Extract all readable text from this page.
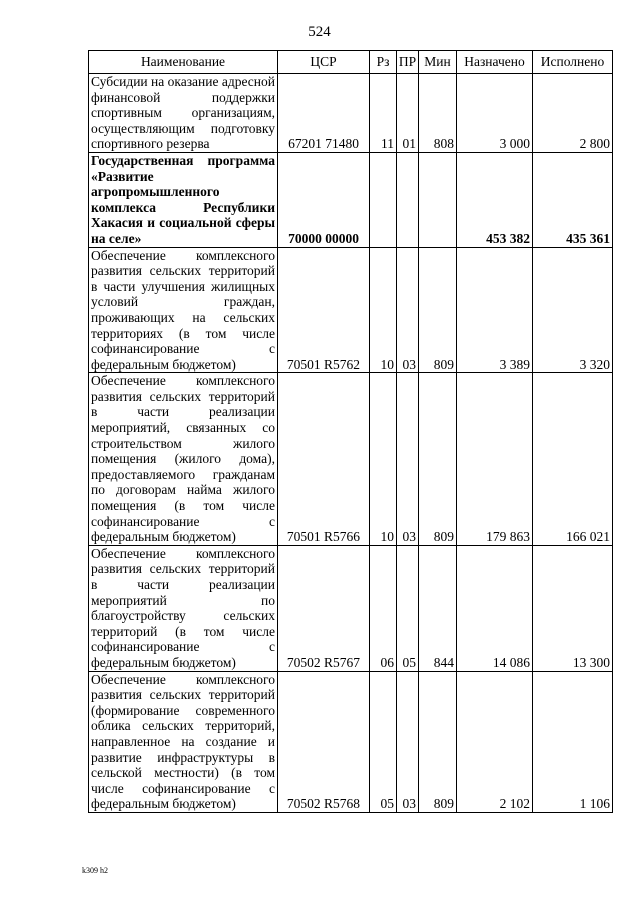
524
Наименование	ЦСР	Рз	ПР	Мин	Назначено	Исполнено
Субсидии на оказание адресной финансовой поддержки спортивным организациям, осуществляющим подготовку спортивного резерва	67201 71480	11	01	808	3 000	2 800
Государственная программа «Развитие агропромышленного комплекса Республики Хакасия и социальной сферы на селе»	70000 00000				453 382	435 361
Обеспечение комплексного развития сельских территорий в части улучшения жилищных условий граждан, проживающих на сельских территориях (в том числе софинансирование с федеральным бюджетом)	70501 R5762	10	03	809	3 389	3 320
Обеспечение комплексного развития сельских территорий в части реализации мероприятий, связанных со строительством жилого помещения (жилого дома), предоставляемого гражданам по договорам найма жилого помещения (в том числе софинансирование с федеральным бюджетом)	70501 R5766	10	03	809	179 863	166 021
Обеспечение комплексного развития сельских территорий в части реализации мероприятий по благоустройству сельских территорий (в том числе софинансирование с федеральным бюджетом)	70502 R5767	06	05	844	14 086	13 300
Обеспечение комплексного развития сельских территорий (формирование современного облика сельских территорий, направленное на создание и развитие инфраструктуры в сельской местности) (в том числе софинансирование с федеральным бюджетом)	70502 R5768	05	03	809	2 102	1 106
k309 h2
